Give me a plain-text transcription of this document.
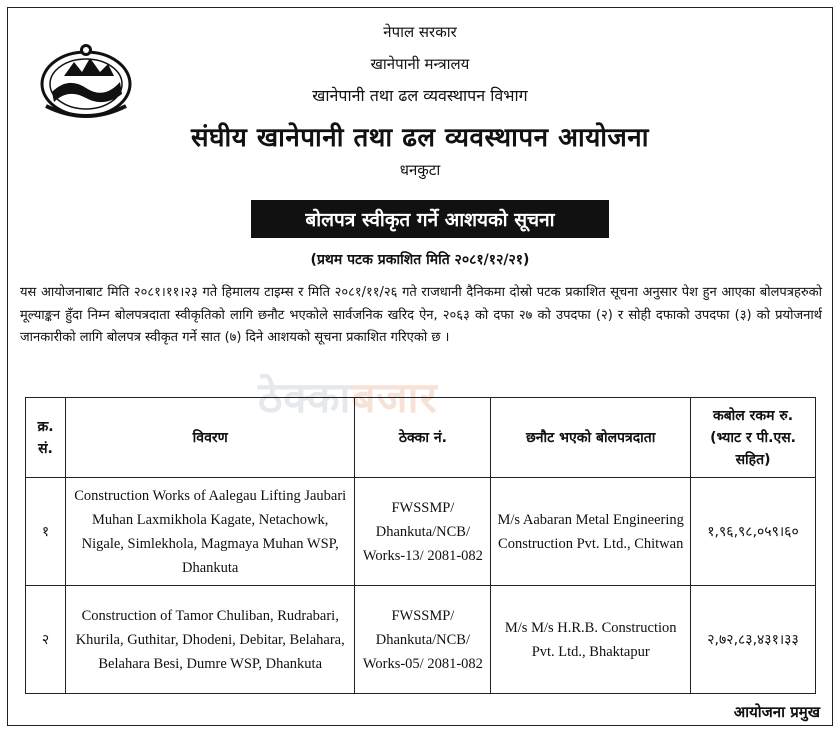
नेपाल सरकार
खानेपानी मन्त्रालय
खानेपानी तथा ढल व्यवस्थापन विभाग
संघीय खानेपानी तथा ढल व्यवस्थापन आयोजना
धनकुटा
बोलपत्र स्वीकृत गर्ने आशयको सूचना
(प्रथम पटक प्रकाशित मिति २०८१/१२/२१)
यस आयोजनाबाट मिति २०८१।११।२३ गते हिमालय टाइम्स र मिति २०८१/११/२६ गते राजधानी दैनिकमा दोस्रो पटक प्रकाशित सूचना अनुसार पेश हुन आएका बोलपत्रहरुको मूल्याङ्कन हुँदा निम्न बोलपत्रदाता स्वीकृतिको लागि छनौट भएकोले सार्वजनिक खरिद ऐन, २०६३ को दफा २७ को उपदफा (२) र सोही दफाको उपदफा (३) को प्रयोजनार्थ जानकारीको लागि बोलपत्र स्वीकृत गर्ने सात (७) दिने आशयको सूचना प्रकाशित गरिएको छ ।
ठेक्काबजार
क्र. सं.	विवरण	ठेक्का नं.	छनौट भएको बोलपत्रदाता	कबोल रकम रु. (भ्याट र पी.एस. सहित)
१	Construction Works of Aalegau Lifting Jaubari Muhan Laxmikhola Kagate, Netachowk, Nigale, Simlekhola, Magmaya Muhan WSP, Dhankuta	FWSSMP/ Dhankuta/NCB/ Works-13/ 2081-082	M/s Aabaran Metal Engineering Construction Pvt. Ltd., Chitwan	१,९६,९८,०५९।६०
२	Construction of Tamor Chuliban, Rudrabari, Khurila, Guthitar, Dhodeni, Debitar, Belahara, Belahara Besi, Dumre WSP, Dhankuta	FWSSMP/ Dhankuta/NCB/ Works-05/ 2081-082	M/s M/s H.R.B. Construction Pvt. Ltd., Bhaktapur	२,७२,८३,४३१।३३
आयोजना प्रमुख
